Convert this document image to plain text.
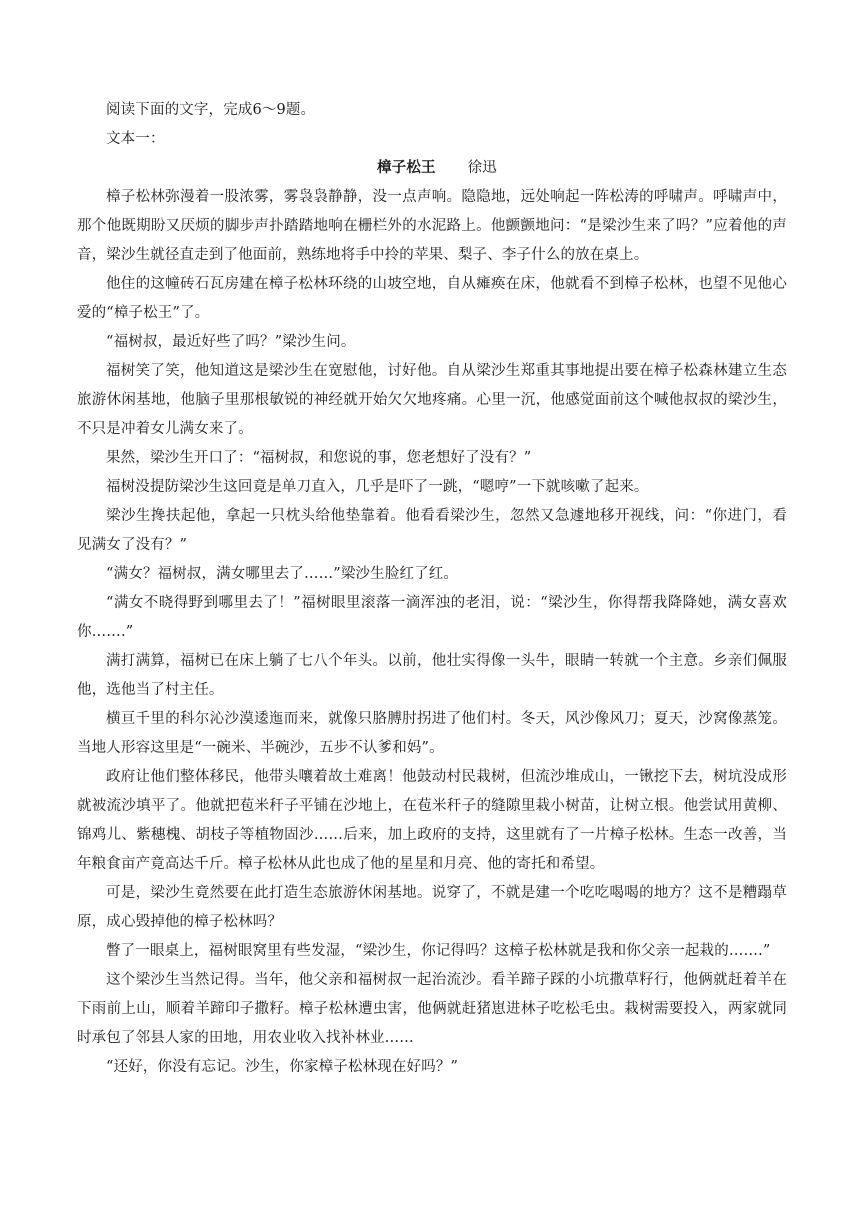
阅读下面的文字，完成6～9题。

文本一：

樟子松王 徐迅

樟子松林弥漫着一股浓雾，雾袅袅静静，没一点声响。隐隐地，远处响起一阵松涛的呼啸声。呼啸声中，那个他既期盼又厌烦的脚步声扑踏踏地响在栅栏外的水泥路上。他颤颤地问：“是梁沙生来了吗？”应着他的声音，梁沙生就径直走到了他面前，熟练地将手中拎的苹果、梨子、李子什么的放在桌上。

他住的这幢砖石瓦房建在樟子松林环绕的山坡空地，自从瘫痪在床，他就看不到樟子松林，也望不见他心爱的“樟子松王”了。

“福树叔，最近好些了吗？”梁沙生问。

福树笑了笑，他知道这是梁沙生在宽慰他，讨好他。自从梁沙生郑重其事地提出要在樟子松森林建立生态旅游休闲基地，他脑子里那根敏锐的神经就开始欠欠地疼痛。心里一沉，他感觉面前这个喊他叔叔的梁沙生，不只是冲着女儿满女来了。

果然，梁沙生开口了：“福树叔，和您说的事，您老想好了没有？”

福树没提防梁沙生这回竟是单刀直入，几乎是吓了一跳，“嗯哼”一下就咳嗽了起来。

梁沙生搀扶起他，拿起一只枕头给他垫靠着。他看看梁沙生，忽然又急遽地移开视线，问：“你进门，看见满女了没有？”

“满女？福树叔，满女哪里去了……”梁沙生脸红了红。

“满女不晓得野到哪里去了！”福树眼里滚落一滴浑浊的老泪，说：“梁沙生，你得帮我降降她，满女喜欢你…….”

满打满算，福树已在床上躺了七八个年头。以前，他壮实得像一头牛，眼睛一转就一个主意。乡亲们佩服他，选他当了村主任。

横亘千里的科尔沁沙漠逶迤而来，就像只胳膊肘拐进了他们村。冬天，风沙像风刀；夏天，沙窝像蒸笼。当地人形容这里是“一碗米、半碗沙，五步不认爹和妈”。

政府让他们整体移民，他带头嚷着故土难离！他鼓动村民栽树，但流沙堆成山，一锹挖下去，树坑没成形就被流沙填平了。他就把苞米秆子平铺在沙地上，在苞米秆子的缝隙里栽小树苗，让树立根。他尝试用黄柳、锦鸡儿、紫穗槐、胡枝子等植物固沙……后来，加上政府的支持，这里就有了一片樟子松林。生态一改善，当年粮食亩产竟高达千斤。樟子松林从此也成了他的星星和月亮、他的寄托和希望。

可是，梁沙生竟然要在此打造生态旅游休闲基地。说穿了，不就是建一个吃吃喝喝的地方？这不是糟蹋草原，成心毁掉他的樟子松林吗？

瞥了一眼桌上，福树眼窝里有些发湿，“梁沙生，你记得吗？这樟子松林就是我和你父亲一起栽的…….”

这个梁沙生当然记得。当年，他父亲和福树叔一起治流沙。看羊蹄子踩的小坑撒草籽行，他俩就赶着羊在下雨前上山，顺着羊蹄印子撒籽。樟子松林遭虫害，他俩就赶猪崽进林子吃松毛虫。栽树需要投入，两家就同时承包了邻县人家的田地，用农业收入找补林业……

“还好，你没有忘记。沙生，你家樟子松林现在好吗？”
